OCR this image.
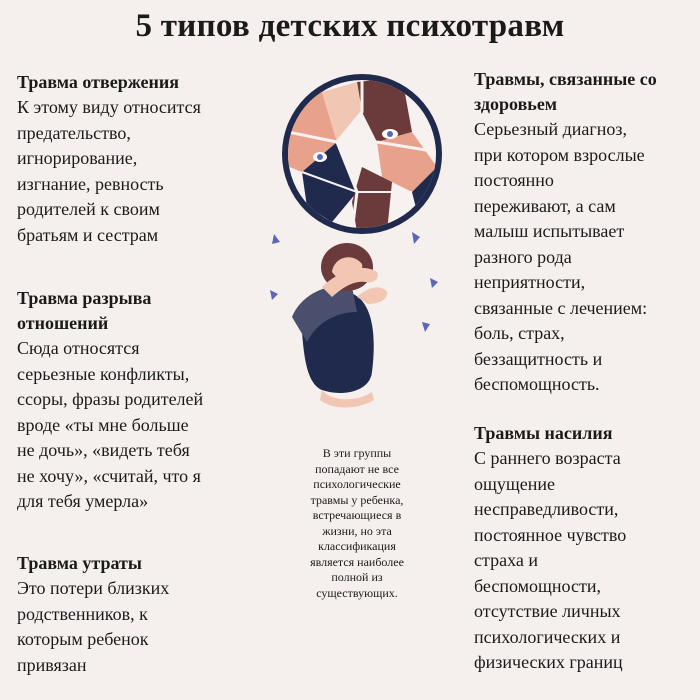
5 типов детских психотравм
Травма отвержения
К этому виду относится
предательство,
игнорирование,
изгнание, ревность
родителей к своим
братьям и сестрам
Травма разрыва
отношений
Сюда относятся
серьезные конфликты,
ссоры, фразы родителей
вроде «ты мне больше
не дочь», «видеть тебя
не хочу», «считай, что я
для тебя умерла»
Травма утраты
Это потери близких
родственников, к
которым ребенок
привязан
Травмы, связанные со
здоровьем
Серьезный диагноз,
при котором взрослые
постоянно
переживают, а сам
малыш испытывает
разного рода
неприятности,
связанные с лечением:
боль, страх,
беззащитность и
беспомощность.
Травмы насилия
С раннего возраста
ощущение
несправедливости,
постоянное чувство
страха и
беспомощности,
отсутствие личных
психологических и
физических границ
В эти группы
попадают не все
психологические
травмы у ребенка,
встречающиеся в
жизни, но эта
классификация
является наиболее
полной из
существующих.
